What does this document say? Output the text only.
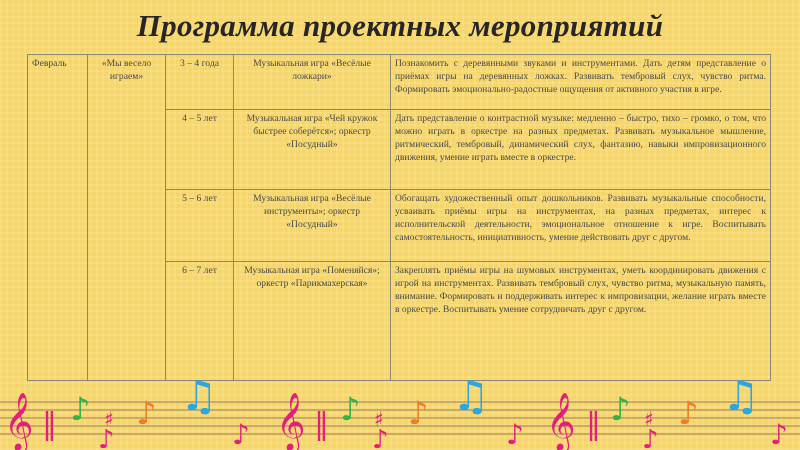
Программа проектных мероприятий
Февраль	«Мы весело играем»	3 – 4 года	Музыкальная игра «Весёлые ложкари»	Познакомить с деревянными звуками и инструментами. Дать детям представление о приёмах игры на деревянных ложках. Развивать тембровый слух, чувство ритма. Формировать эмоционально-радостные ощущения от активного участия в игре.
		4 – 5 лет	Музыкальная игра «Чей кружок быстрее соберётся»; оркестр «Посудный»	Дать представление о контрастной музыке: медленно – быстро, тихо – громко, о том, что можно играть в оркестре на разных предметах. Развивать музыкальное мышление, ритмический, тембровый, динамический слух, фантазию, навыки импровизационного движения, умение играть вместе в оркестре.
		5 – 6 лет	Музыкальная игра «Весёлые инструменты»; оркестр «Посудный»	Обогащать художественный опыт дошкольников. Развивать музыкальные способности, усваивать приёмы игры на инструментах, на разных предметах, интерес к исполнительской деятельности, эмоциональное отношение к игре. Воспитывать самостоятельность, инициативность, умение действовать друг с другом.
		6 – 7 лет	Музыкальная игра «Поменяйся»; оркестр «Парикмахерская»	Закреплять приёмы игры на шумовых инструментах, уметь координировать движения с игрой на инструментах. Развивать тембровый слух, чувство ритма, музыкальную память, внимание. Формировать и поддерживать интерес к импровизации, желание играть вместе в оркестре. Воспитывать умение сотрудничать друг с другом.
𝄞	𝄞	𝄞
‖	‖	‖
♪ ♯
♪
♪ ♫
♪
♪ ♯
♪
♪ ♫
♪
♪ ♯
♪
♪ ♫
♪
